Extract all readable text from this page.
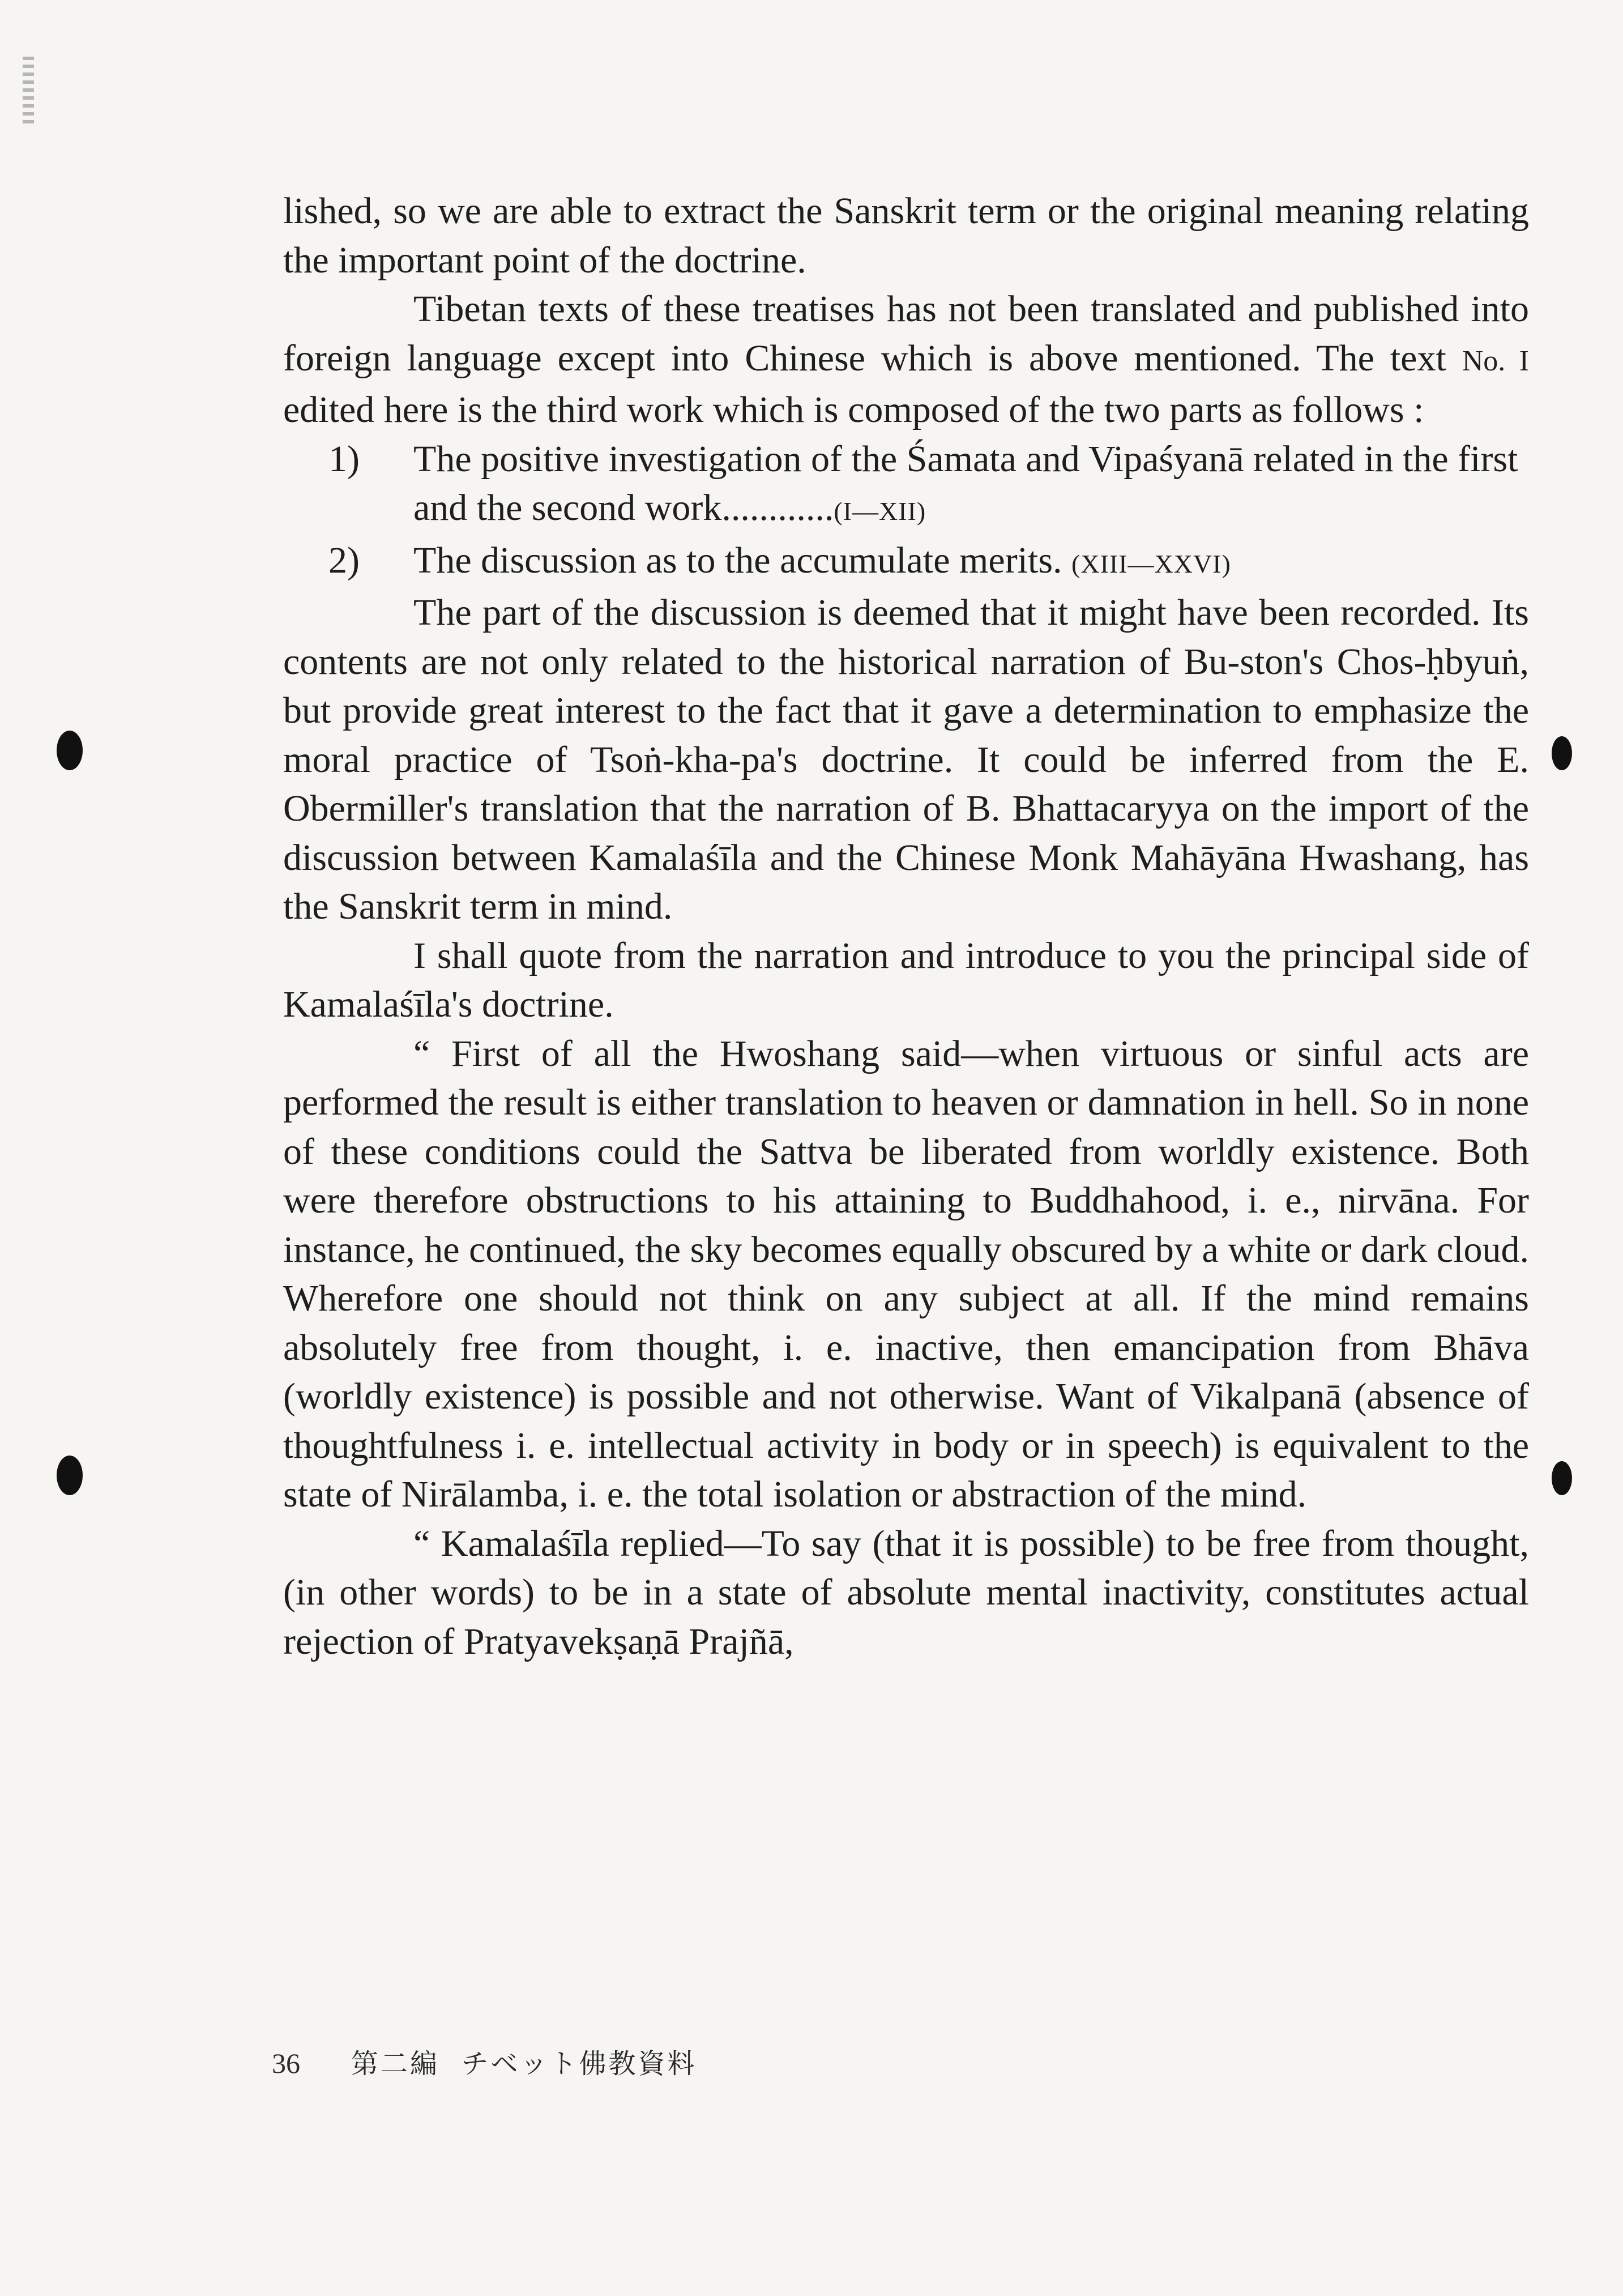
lished, so we are able to extract the Sanskrit term or the original meaning relating the important point of the doctrine.

Tibetan texts of these treatises has not been translated and published into foreign language except into Chinese which is above mentioned. The text No. I edited here is the third work which is composed of the two parts as follows :

1) The positive investigation of the Śamata and Vipaśyanā related in the first and the second work............(I—XII)
2) The discussion as to the accumulate merits. (XIII—XXVI)

The part of the discussion is deemed that it might have been recorded. Its contents are not only related to the historical narration of Bu-ston's Chos-ḥbyuṅ, but provide great interest to the fact that it gave a determination to emphasize the moral practice of Tsoṅ-kha-pa's doctrine. It could be inferred from the E. Obermiller's translation that the narration of B. Bhattacaryya on the import of the discussion between Kamalaśīla and the Chinese Monk Mahāyāna Hwashang, has the Sanskrit term in mind.

I shall quote from the narration and introduce to you the principal side of Kamalaśīla's doctrine.

“ First of all the Hwoshang said—when virtuous or sinful acts are performed the result is either translation to heaven or damnation in hell. So in none of these conditions could the Sattva be liberated from worldly existence. Both were therefore obstructions to his attaining to Buddhahood, i. e., nirvāna. For instance, he continued, the sky becomes equally obscured by a white or dark cloud. Wherefore one should not think on any subject at all. If the mind remains absolutely free from thought, i. e. inactive, then emancipation from Bhāva (worldly existence) is possible and not otherwise. Want of Vikalpanā (absence of thoughtfulness i. e. intellectual activity in body or in speech) is equivalent to the state of Nirālamba, i. e. the total isolation or abstraction of the mind.

“ Kamalaśīla replied—To say (that it is possible) to be free from thought, (in other words) to be in a state of absolute mental inactivity, constitutes actual rejection of Pratyavekṣaṇā Prajñā,

36 第二編 チベット佛教資料
